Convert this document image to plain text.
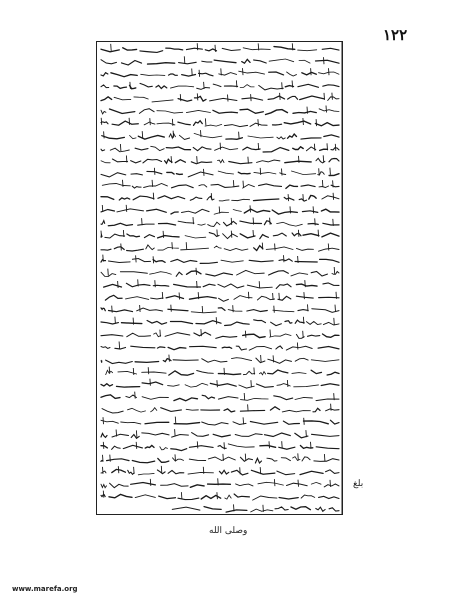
١٢٢
بلغ
وصلى الله
www.marefa.org
